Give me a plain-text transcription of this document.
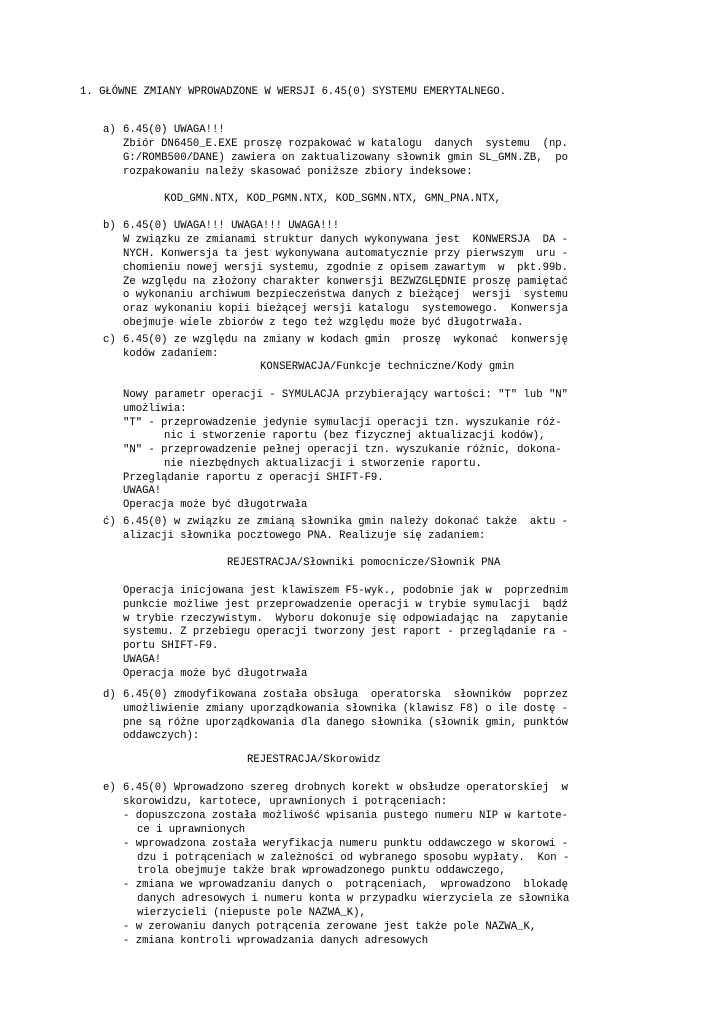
1. GŁÓWNE ZMIANY WPROWADZONE W WERSJI 6.45(0) SYSTEMU EMERYTALNEGO.
a) 6.45(0) UWAGA!!!
Zbiór DN6450_E.EXE proszę rozpakować w katalogu  danych  systemu  (np.
G:/ROMB500/DANE) zawiera on zaktualizowany słownik gmin SL_GMN.ZB,  po
rozpakowaniu należy skasować poniższe zbiory indeksowe:
KOD_GMN.NTX, KOD_PGMN.NTX, KOD_SGMN.NTX, GMN_PNA.NTX,
b) 6.45(0) UWAGA!!! UWAGA!!! UWAGA!!!
W związku ze zmianami struktur danych wykonywana jest  KONWERSJA  DA -
NYCH. Konwersja ta jest wykonywana automatycznie przy pierwszym  uru -
chomieniu nowej wersji systemu, zgodnie z opisem zawartym  w  pkt.99b.
Ze względu na złożony charakter konwersji BEZWZGLĘDNIE proszę pamiętać
o wykonaniu archiwum bezpieczeństwa danych z bieżącej  wersji  systemu
oraz wykonaniu kopii bieżącej wersji katalogu  systemowego.  Konwersja
obejmuje wiele zbiorów z tego też względu może być długotrwała.
c) 6.45(0) ze względu na zmiany w kodach gmin  proszę  wykonać  konwersję
kodów zadaniem:
KONSERWACJA/Funkcje techniczne/Kody gmin
Nowy parametr operacji - SYMULACJA przybierający wartości: "T" lub "N"
umożliwia:
"T" - przeprowadzenie jedynie symulacji operacji tzn. wyszukanie róż-
nic i stworzenie raportu (bez fizycznej aktualizacji kodów),
"N" - przeprowadzenie pełnej operacji tzn. wyszukanie różnic, dokona-
nie niezbędnych aktualizacji i stworzenie raportu.
Przeglądanie raportu z operacji SHIFT-F9.
UWAGA!
Operacja może być długotrwała
ć) 6.45(0) w związku ze zmianą słownika gmin należy dokonać także  aktu -
alizacji słownika pocztowego PNA. Realizuje się zadaniem:
REJESTRACJA/Słowniki pomocnicze/Słownik PNA
Operacja inicjowana jest klawiszem F5-wyk., podobnie jak w  poprzednim
punkcie możliwe jest przeprowadzenie operacji w trybie symulacji  bądź
w trybie rzeczywistym.  Wyboru dokonuje się odpowiadając na  zapytanie
systemu. Z przebiegu operacji tworzony jest raport - przeglądanie ra -
portu SHIFT-F9.
UWAGA!
Operacja może być długotrwała
d) 6.45(0) zmodyfikowana została obsługa  operatorska  słowników  poprzez
umożliwienie zmiany uporządkowania słownika (klawisz F8) o ile dostę -
pne są różne uporządkowania dla danego słownika (słownik gmin, punktów
oddawczych):
REJESTRACJA/Skorowidz
e) 6.45(0) Wprowadzono szereg drobnych korekt w obsłudze operatorskiej  w
skorowidzu, kartotece, uprawnionych i potrąceniach:
- dopuszczona została możliwość wpisania pustego numeru NIP w kartote-
ce i uprawnionych
- wprowadzona została weryfikacja numeru punktu oddawczego w skorowi -
dzu i potrąceniach w zależności od wybranego sposobu wypłaty.  Kon -
trola obejmuje także brak wprowadzonego punktu oddawczego,
- zmiana we wprowadzaniu danych o  potrąceniach,  wprowadzono  blokadę
danych adresowych i numeru konta w przypadku wierzyciela ze słownika
wierzycieli (niepuste pole NAZWA_K),
- w zerowaniu danych potrącenia zerowane jest także pole NAZWA_K,
- zmiana kontroli wprowadzania danych adresowych
